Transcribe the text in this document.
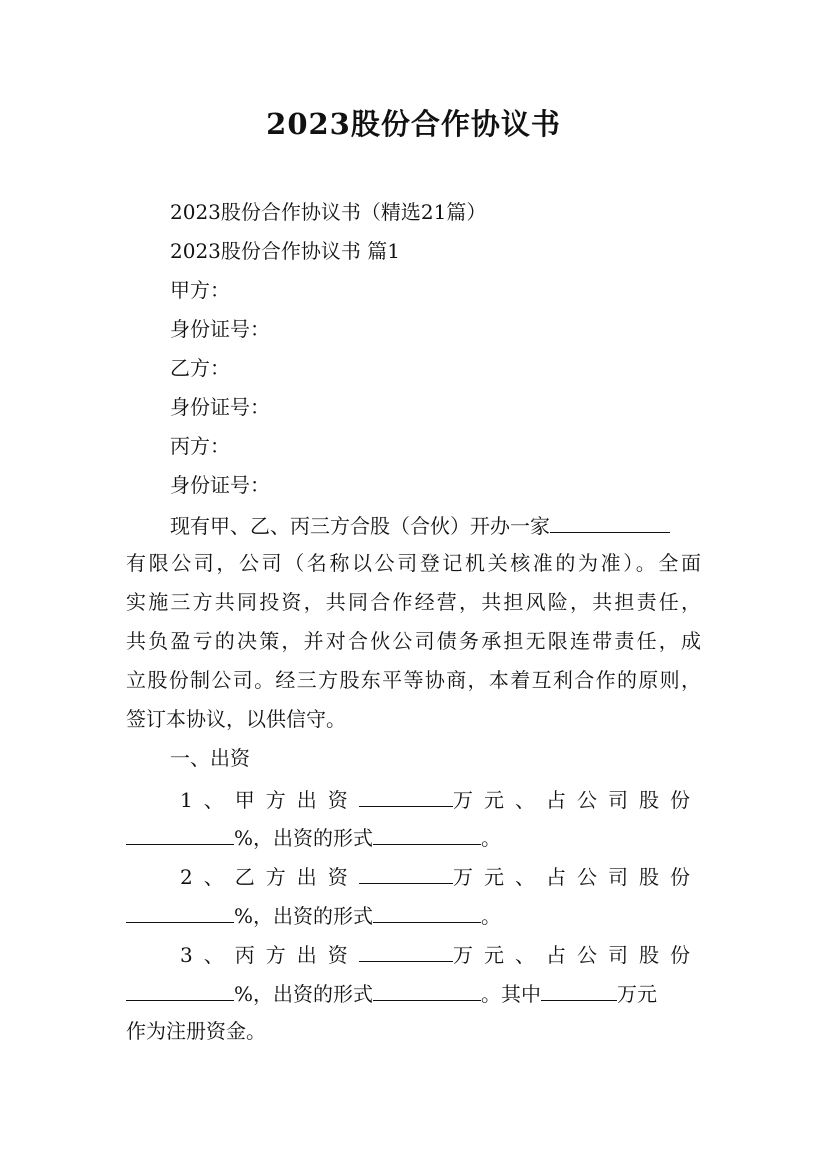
2023股份合作协议书
2023股份合作协议书（精选21篇）
2023股份合作协议书 篇1
甲方：
身份证号：
乙方：
身份证号：
丙方：
身份证号：
现有甲、乙、丙三方合股（合伙）开办一家
有限公司，公司（名称以公司登记机关核准的为准）。全面
实施三方共同投资，共同合作经营，共担风险，共担责任，
共负盈亏的决策，并对合伙公司债务承担无限连带责任，成
立股份制公司。经三方股东平等协商，本着互利合作的原则，
签订本协议，以供信守。
一、出资
1、甲方出资	万元、占公司股份
%，出资的形式	。
2、乙方出资	万元、占公司股份
%，出资的形式	。
3、丙方出资	万元、占公司股份
%，出资的形式	。其中	万元
作为注册资金。
